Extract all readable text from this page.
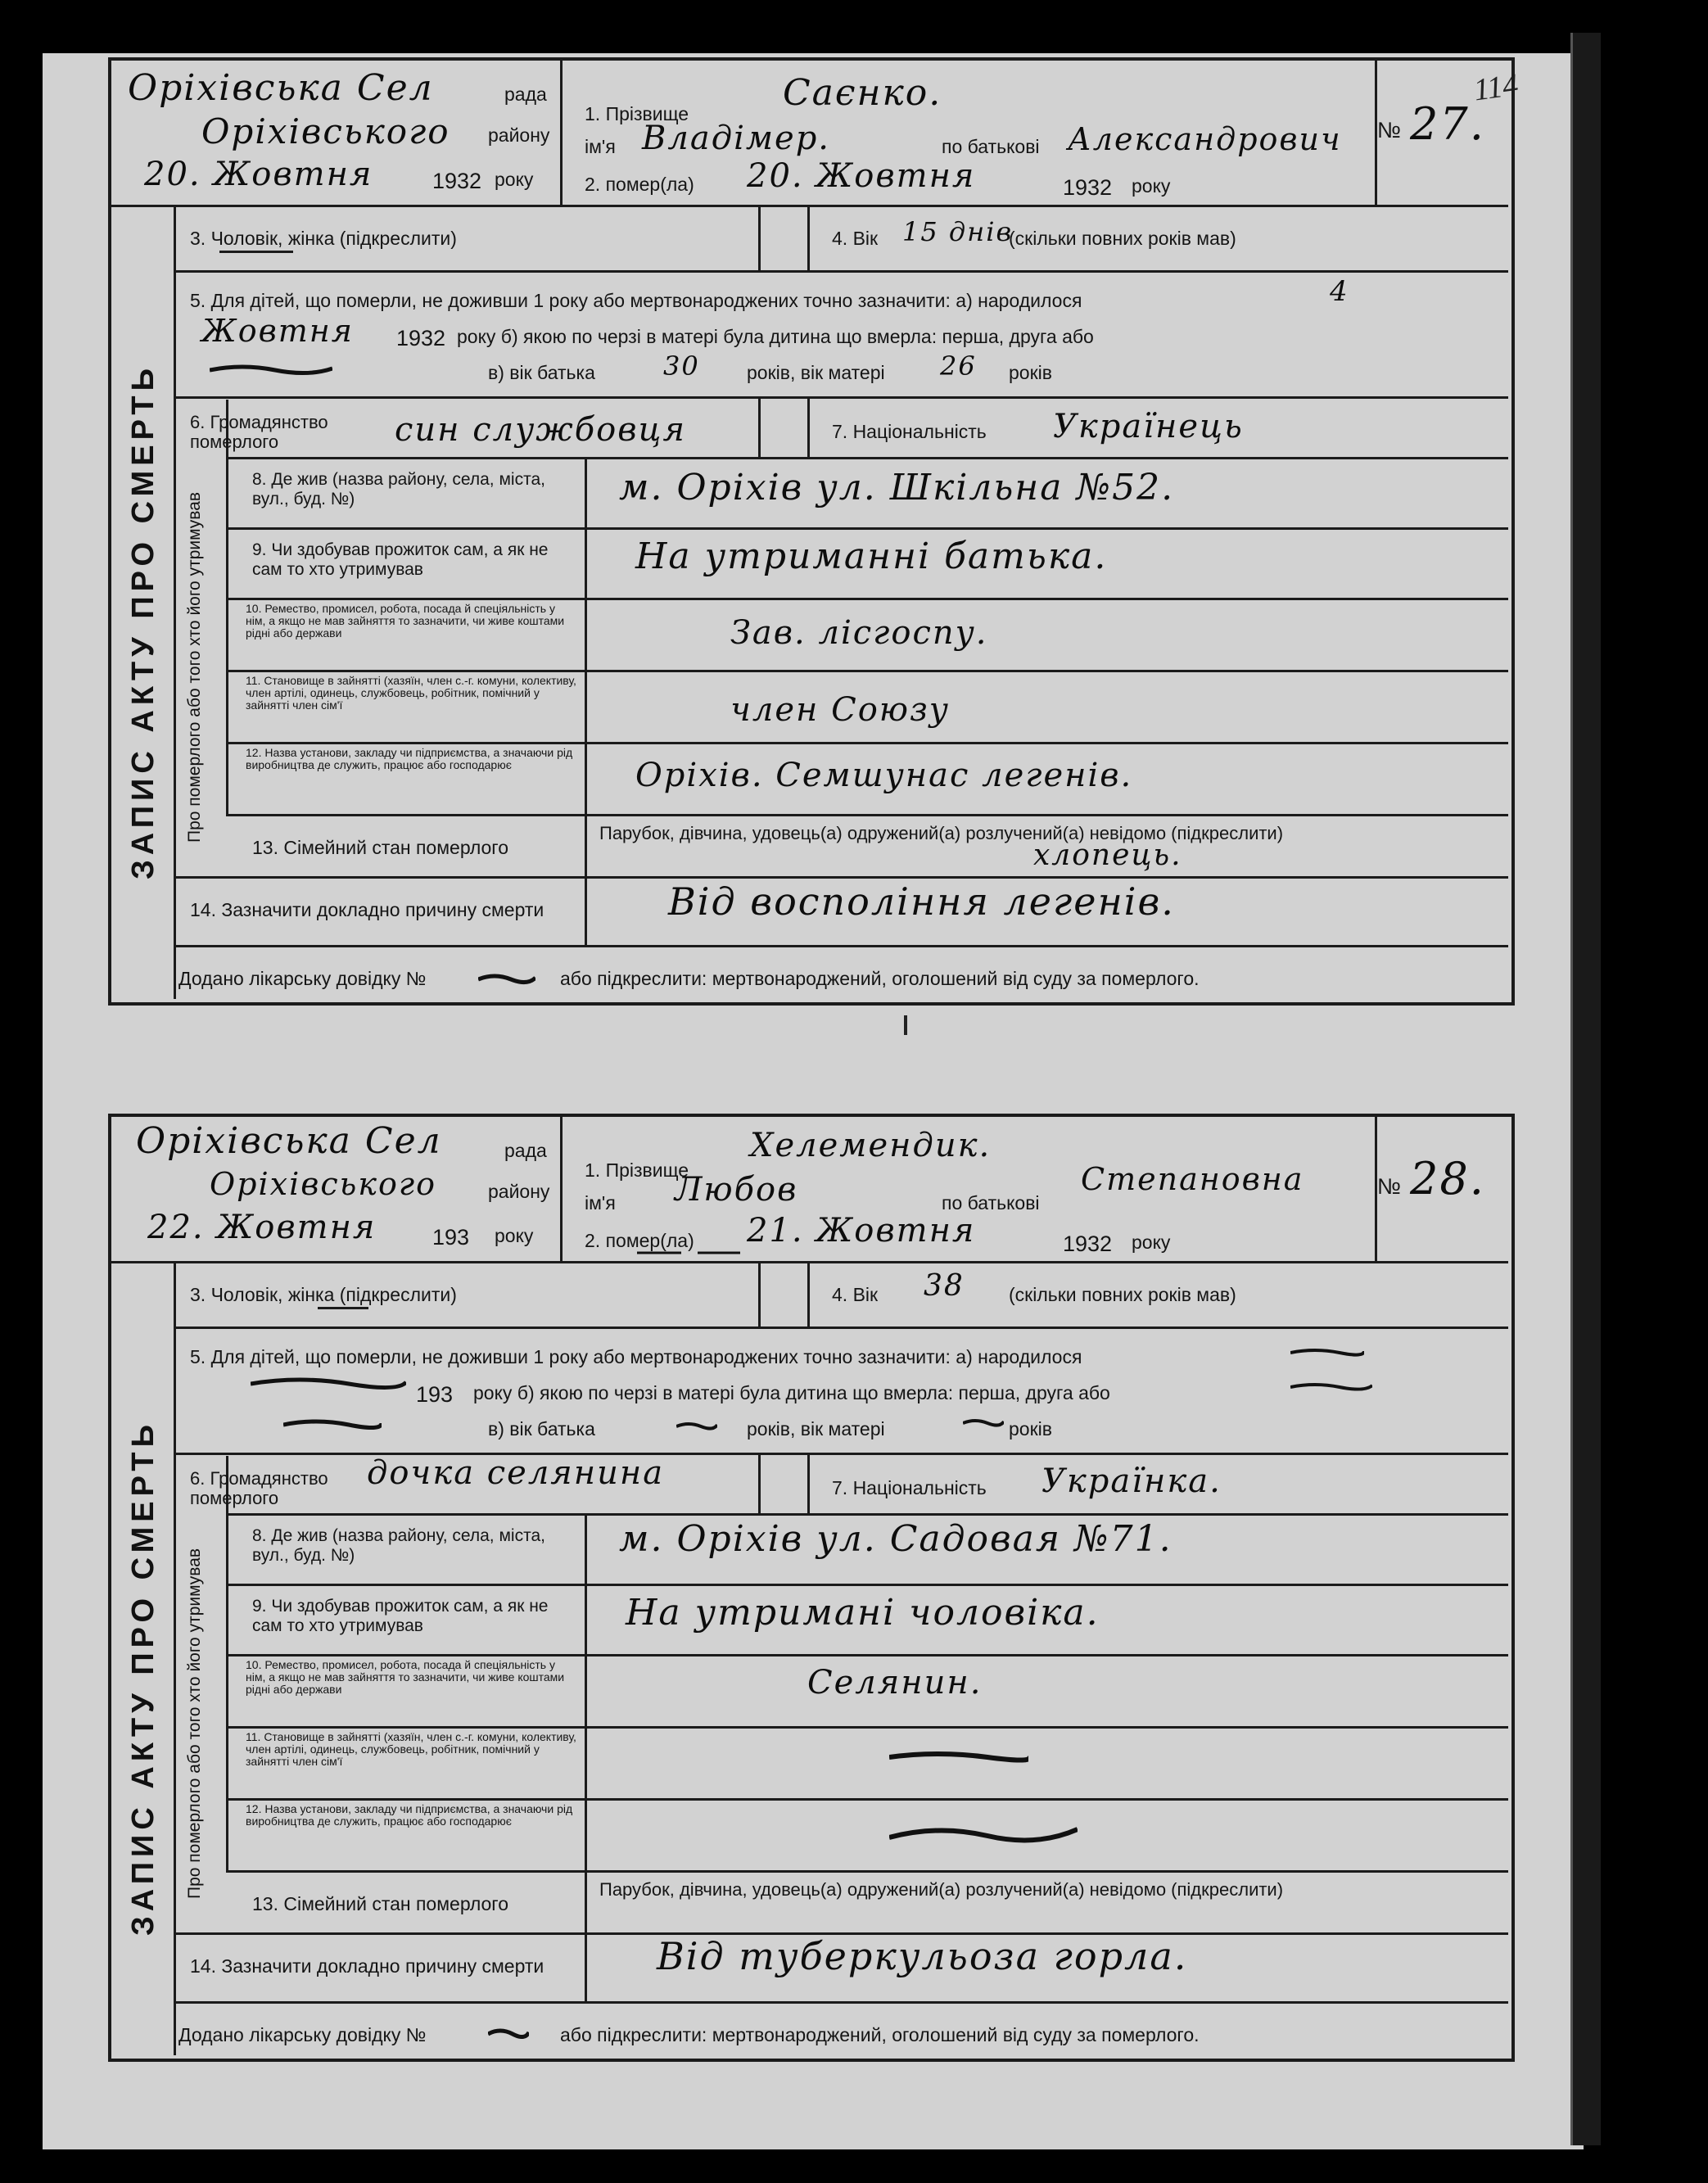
114
Оріхівська Сел	рада
Оріхівського району
20. Жовтня	1932 року
1. Прізвище	Саєнко.
ім'я Владімер.	по батькові Александрович
2. помер(ла) 20. Жовтня	1932 року
№ 27.
ЗАПИС АКТУ ПРО СМЕРТЬ Про померлого або того хто його утримував
3. Чоловік, жінка (підкреслити)	4. Вік 15 днів
(скільки повних років мав)
5. Для дітей, що померли, не доживши 1 року або мертвонароджених точно зазначити: а) народилося	4
Жовтня 1932 року б) якою по черзі в матері була дитина що вмерла: перша, друга або
в) вік батька	30 років, вік матері 26 років
6. Громадянство померлого	син службовця	7. Національність Українець
8. Де жив (назва району, села, міста, вул., буд. №)	м. Оріхів ул. Шкільна №52.
9. Чи здобував прожиток сам, а як не сам то хто утримував	На утриманні батька.
10. Ремество, промисел, робота, посада й спеціяльність у нім, а якщо не мав зайняття то зазначити, чи живе коштами рідні або держави	Зав. лісгоспу.
11. Становище в зайнятті (хазяїн, член с.-г. комуни, колективу, член артілі, одинець, службовець, робітник, помічний у зайнятті член сім'ї	член Союзу
12. Назва установи, закладу чи підприємства, а значаючи рід виробництва де служить, працює або господарює	Оріхів. Семшунас легенів.
13. Сімейний стан померлого
Парубок, дівчина, удовець(а) одружений(а) розлучений(а) невідомо (підкреслити)
хлопець.
14. Зазначити докладно причину смерти	Від воспоління легенів.
Додано лікарську довідку №	або підкреслити: мертвонароджений, оголошений від суду за померлого.
Оріхівська Сел	рада
Оріхівського	району
22. Жовтня	193 року
1. Прізвище
Хелемендик.
ім'я Любов	по батькові
Степановна
2. помер(ла) 21. Жовтня	1932 року
№ 28.
ЗАПИС АКТУ ПРО СМЕРТЬ Про померлого або того хто його утримував
3. Чоловік, жінка (підкреслити)	4. Вік 38 (скільки повних років мав)
5. Для дітей, що померли, не доживши 1 року або мертвонароджених точно зазначити: а) народилося
193 року б) якою по черзі в матері була дитина що вмерла: перша, друга або
в) вік батька	років, вік матері	років
6. Громадянство померлого
дочка селянина	7. Національність Українка.
8. Де жив (назва району, села, міста, вул., буд. №)	м. Оріхів ул. Садовая №71.
9. Чи здобував прожиток сам, а як не сам то хто утримував	На утримані чоловіка.
10. Ремество, промисел, робота, посада й спеціяльність у нім, а якщо не мав зайняття то зазначити, чи живе коштами рідні або держави	Селянин.
11. Становище в зайнятті (хазяїн, член с.-г. комуни, колективу, член артілі, одинець, службовець, робітник, помічний у зайнятті член сім'ї
12. Назва установи, закладу чи підприємства, а значаючи рід виробництва де служить, працює або господарює
13. Сімейний стан померлого
Парубок, дівчина, удовець(а) одружений(а) розлучений(а) невідомо (підкреслити)
14. Зазначити докладно причину смерти	Від туберкульоза горла.
Додано лікарську довідку №	або підкреслити: мертвонароджений, оголошений від суду за померлого.
